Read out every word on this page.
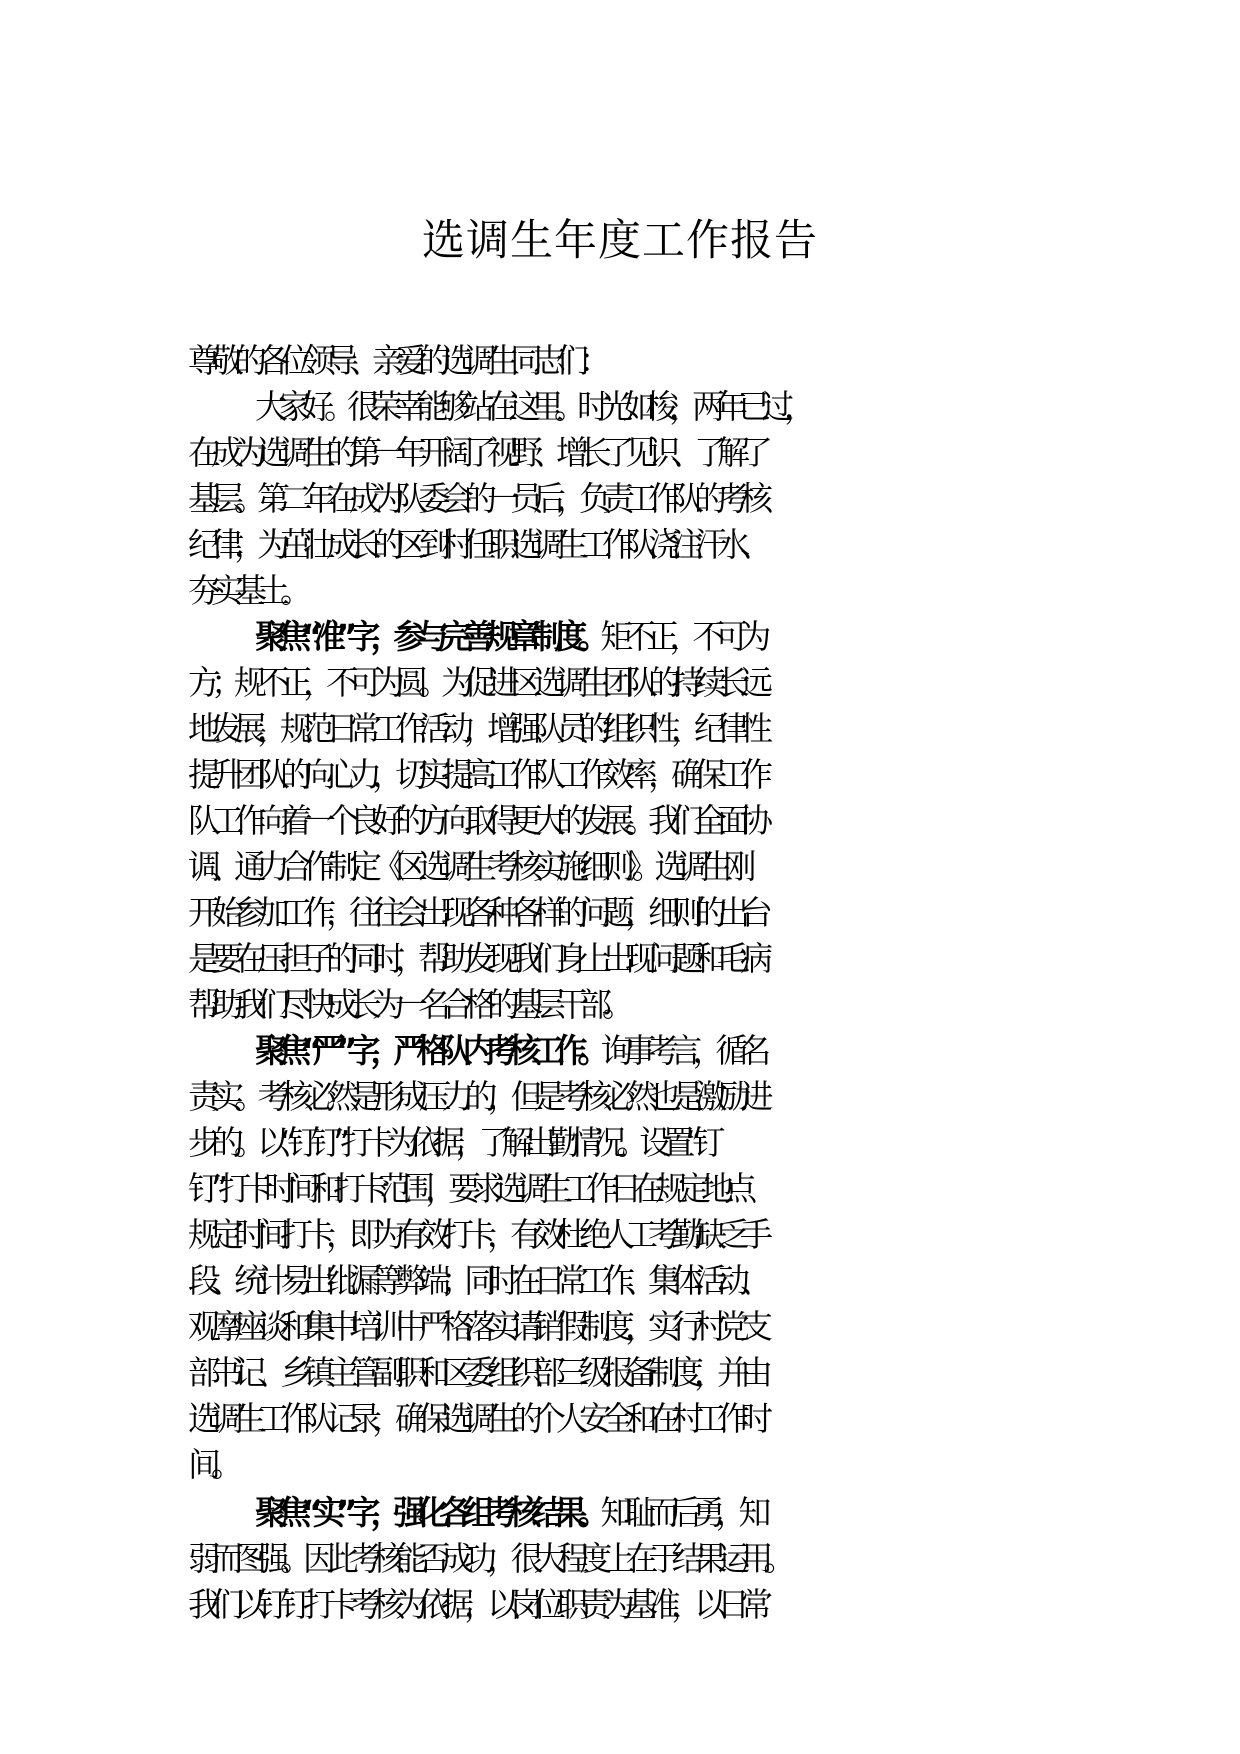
选调生年度工作报告
尊敬的各位领导、亲爱的选调生同志们：
大家好。很荣幸能够站在这里。时光如梭，两年已过，
在成为选调生的第一年开阔了视野、增长了见识、了解了
基层。第二年在成为队委会的一员后，负责工作队的考核
纪律，为茁壮成长的区到村任职选调生工作队浇注汗水、
夯实基土。
聚焦“准”字，参与完善规章制度。矩不正，不可为
方；规不正，不可为圆。为促进区选调生团队的持续长远
地发展，规范日常工作活动，增强队员的组织性，纪律性
提升团队的向心力，切实提高工作队工作效率，确保工作
队工作向着一个良好的方向取得更大的发展。我们全面协
调、通力合作制定《区选调生考核实施细则》。选调生刚
开始参加工作，往往会出现各种各样的问题，细则的出台
是要在压担子的同时，帮助发现我们身上出现问题和毛病
帮助我们尽快成长为一名合格的基层干部。
聚焦“严”字，严格队内考核工作。询事考言，循名
责实。 考核必然是形成压力的，但是考核必然也是激励进
步的。以“钉钉”打卡为依据，了解出勤情况。设置“钉
钉”打卡时间和打卡范围，要求选调生工作日在规定地点
规定时间打卡，即为有效打卡，有效杜绝人工考勤缺乏手
段、统计易出纰漏等弊端；同时在日常工作、集体活动、
观摩座谈和集中培训中严格落实请销假制度，实行村党支
部书记、乡镇主管副职和区委组织部三级报备制度，并由
选调生工作队记录，确保选调生的个人安全和在村工作时
间。
聚焦“实”字，强化各组考核结果。知耻而后勇，知
弱而图强。因此考核能否成功， 很大程度上在于结果运用。
我们以钉钉打卡考核为依据，以岗位职责为基准，以日常
